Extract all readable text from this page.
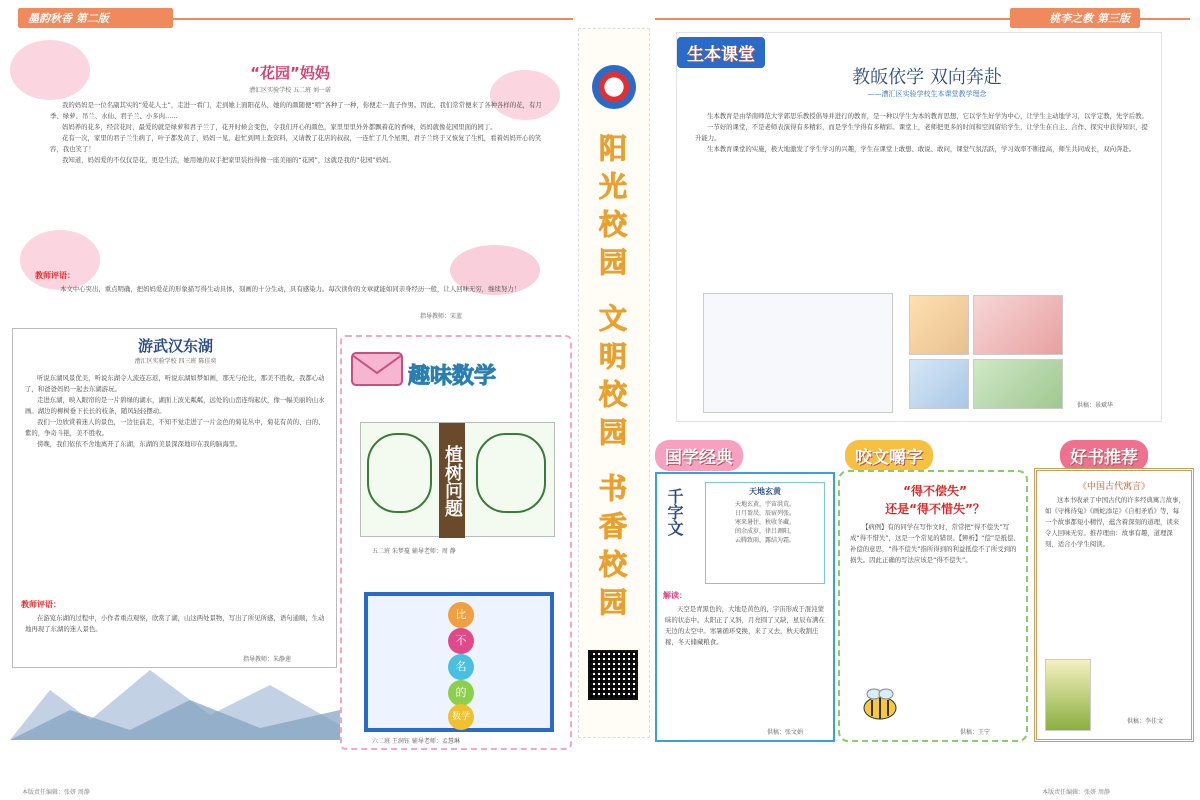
墨韵秋香 第二版	桃李之教 第三版
“花园”妈妈
漕汇区实验学校 五二班 刘一诺

我的妈妈是一位名副其实的“爱花人士”，走进一看门，走到她上面阳花丛，她的的颜随便“啃”各种了一种，你便走一直子作男。因此，我们常常便来了各种各样的花，有月季、绿萝、吊兰、水仙、君子兰、小多肉……

妈妈养的花多，经营花时，最爱的就是绿萝和君子兰了，花开时候会变色，令我们开心的颜色，家里里里外外都飘着花的香味，妈妈就像花园里面的园丁。

花有一次，家里的君子兰生病了，叶子都发黄了，妈妈一见，赶忙到网上查资料，又请教了花店的叔叔，一连忙了几个星期，君子兰终于又恢复了生机，看着妈妈开心的笑容，我也笑了！

我知道，妈妈爱的不仅仅是花，更是生活，她用她的双手把家里装扮得像一座美丽的“花园”，这就是我的“花园”妈妈。

教师评语：
本文中心突出，重点明确，把妈妈爱花的形象描写得生动具体，刻画的十分生动，具有感染力。每次读你的文章就能如同亲身经历一般，让人回味无穷，继续努力！
指导教师：宋蓝
游武汉东湖
漕汇区实验学校 四三班 陈佳奕

听说东湖风景优美，听说东湖令人流连忘返，听说东湖如梦如画，那无与伦比，那美不胜收，我都心动了，和爸爸妈妈一起去东湖游玩。

走进东湖，映入眼帘的是一片碧绿的湖水，湖面上波光粼粼，远处的山峦连绵起伏，像一幅美丽的山水画。湖边的柳树垂下长长的枝条，随风轻轻摆动。

我们一边欣赏着迷人的景色，一边往前走，不知不觉走进了一片金色的菊花丛中，菊花有黄的、白的、紫的，争奇斗艳，美不胜收。

傍晚，我们依依不舍地离开了东湖，东湖的美景深深地印在我的脑海里。

教师评语：
在游览东湖的过程中，小作者重点观察，欣赏了湖，山这两处景物，写出了所见所感，语句通顺，生动地再现了东湖的迷人景色。
指导教师：朱静莲
趣味数学
植树问题
五二班 朱梦蔓 辅导老师：周 静
比
不
名
的
数学
六二班 王润钰 辅导老师：孟慧琳
阳光校园
文明校园
书香校园
生本课堂
教皈依学 双向奔赴
——漕汇区实验学校生本课堂教学理念

生本教育是由华南师范大学郭思乐教授倡导并进行的教育，是一种以学生为本的教育思想，它以学生好学为中心，让学生主动地学习，以学定教，先学后教。

一节好的课堂，不是老师表演得有多精彩，而是学生学得有多精彩。课堂上，老师把更多的时间和空间留给学生，让学生在自主、合作、探究中获得知识，提升能力。

生本教育课堂的实施，极大地激发了学生学习的兴趣，学生在课堂上敢想、敢说、敢问，课堂气氛活跃，学习效率不断提高，师生共同成长，双向奔赴。

供稿：景斌华
国学经典
千字文	天地玄黄
天地玄黄，宇宙洪荒。
日月盈昃，辰宿列张。
寒来暑往，秋收冬藏。
闰余成岁，律吕调阳。
云腾致雨，露结为霜。
解读：
天空是青黑色的，大地是黄色的，宇宙形成于混沌蒙昧的状态中。太阳正了又斜，月亮圆了又缺，星辰布满在无边的太空中。寒暑循环变换，来了又去，秋天收割庄稼，冬天储藏粮食。
供稿：张文娟
咬文嚼字
“得不偿失”
还是“得不惜失”？
【病例】有的同学在写作文时，常常把“得不偿失”写成“得不惜失”，这是一个常见的错误。【辨析】“偿”是抵偿、补偿的意思，“得不偿失”指所得到的利益抵偿不了所受到的损失。因此正确的写法应该是“得不偿失”。
供稿：王宁
好书推荐
《中国古代寓言》
这本书收录了中国古代的许多经典寓言故事，如《守株待兔》《画蛇添足》《自相矛盾》等，每一个故事都短小精悍，蕴含着深刻的道理，读来令人回味无穷。推荐理由：故事有趣，道理深刻，适合小学生阅读。
供稿：李佳文
本版责任编辑：张妍 周静	本版责任编辑：张妍 周静
